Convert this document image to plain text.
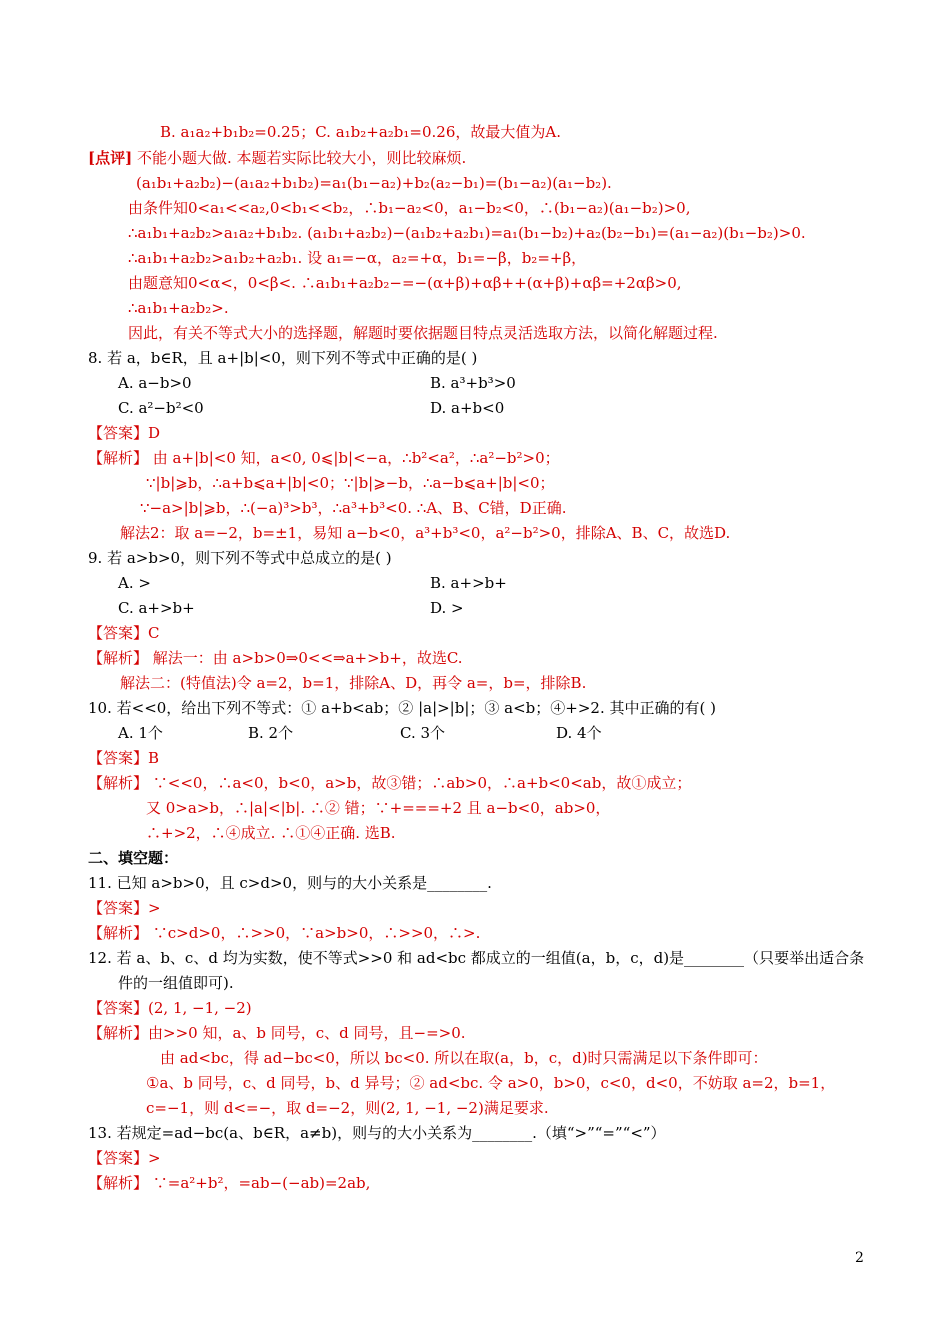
B. a₁a₂+b₁b₂=0.25；C. a₁b₂+a₂b₁=0.26，故最大值为A.
[点评] 不能小题大做. 本题若实际比较大小，则比较麻烦.
(a₁b₁+a₂b₂)−(a₁a₂+b₁b₂)=a₁(b₁−a₂)+b₂(a₂−b₁)=(b₁−a₂)(a₁−b₂).
由条件知0<a₁<<a₂,0<b₁<<b₂，∴b₁−a₂<0，a₁−b₂<0，∴(b₁−a₂)(a₁−b₂)>0,
∴a₁b₁+a₂b₂>a₁a₂+b₁b₂. (a₁b₁+a₂b₂)−(a₁b₂+a₂b₁)=a₁(b₁−b₂)+a₂(b₂−b₁)=(a₁−a₂)(b₁−b₂)>0.
∴a₁b₁+a₂b₂>a₁b₂+a₂b₁. 设 a₁=−α，a₂=+α，b₁=−β，b₂=+β，
由题意知0<α<，0<β<. ∴a₁b₁+a₂b₂−=−(α+β)+αβ++(α+β)+αβ=+2αβ>0,
∴a₁b₁+a₂b₂>.
因此，有关不等式大小的选择题，解题时要依据题目特点灵活选取方法，以简化解题过程.
8. 若 a，b∈R，且 a+|b|<0，则下列不等式中正确的是( )
A. a−b>0	B. a³+b³>0
C. a²−b²<0	D. a+b<0
【答案】D
【解析】 由 a+|b|<0 知，a<0, 0⩽|b|<−a，∴b²<a²，∴a²−b²>0；
∵|b|⩾b，∴a+b⩽a+|b|<0；∵|b|⩾−b，∴a−b⩽a+|b|<0；
∵−a>|b|⩾b，∴(−a)³>b³，∴a³+b³<0. ∴A、B、C错，D正确.
解法2：取 a=−2，b=±1，易知 a−b<0，a³+b³<0，a²−b²>0，排除A、B、C，故选D.
9. 若 a>b>0，则下列不等式中总成立的是( )
A. >	B. a+>b+
C. a+>b+	D. >
【答案】C
【解析】 解法一：由 a>b>0⇒0<<⇒a+>b+，故选C.
解法二：(特值法)令 a=2，b=1，排除A、D，再令 a=，b=，排除B.
10. 若<<0，给出下列不等式：① a+b<ab；② |a|>|b|；③ a<b；④+>2. 其中正确的有( )
A. 1个	B. 2个	C. 3个	D. 4个
【答案】B
【解析】 ∵<<0，∴a<0，b<0，a>b，故③错；∴ab>0，∴a+b<0<ab，故①成立；
又 0>a>b，∴|a|<|b|. ∴② 错；∵+===+2 且 a−b<0，ab>0，
∴+>2，∴④成立. ∴①④正确. 选B.
二、填空题：
11. 已知 a>b>0，且 c>d>0，则与的大小关系是________.
【答案】>
【解析】 ∵c>d>0，∴>>0，∵a>b>0，∴>>0，∴>.
12. 若 a、b、c、d 均为实数，使不等式>>0 和 ad<bc 都成立的一组值(a，b，c，d)是________（只要举出适合条
件的一组值即可).
【答案】(2, 1, −1, −2)
【解析】由>>0 知，a、b 同号，c、d 同号，且−=>0.
由 ad<bc，得 ad−bc<0，所以 bc<0. 所以在取(a，b，c，d)时只需满足以下条件即可：
①a、b 同号，c、d 同号，b、d 异号；② ad<bc. 令 a>0，b>0，c<0，d<0，不妨取 a=2，b=1，
c=−1，则 d<=−，取 d=−2，则(2, 1, −1, −2)满足要求.
13. 若规定=ad−bc(a、b∈R，a≠b)，则与的大小关系为________.（填“>”“=”“<”）
【答案】>
【解析】 ∵=a²+b²，=ab−(−ab)=2ab,
2
